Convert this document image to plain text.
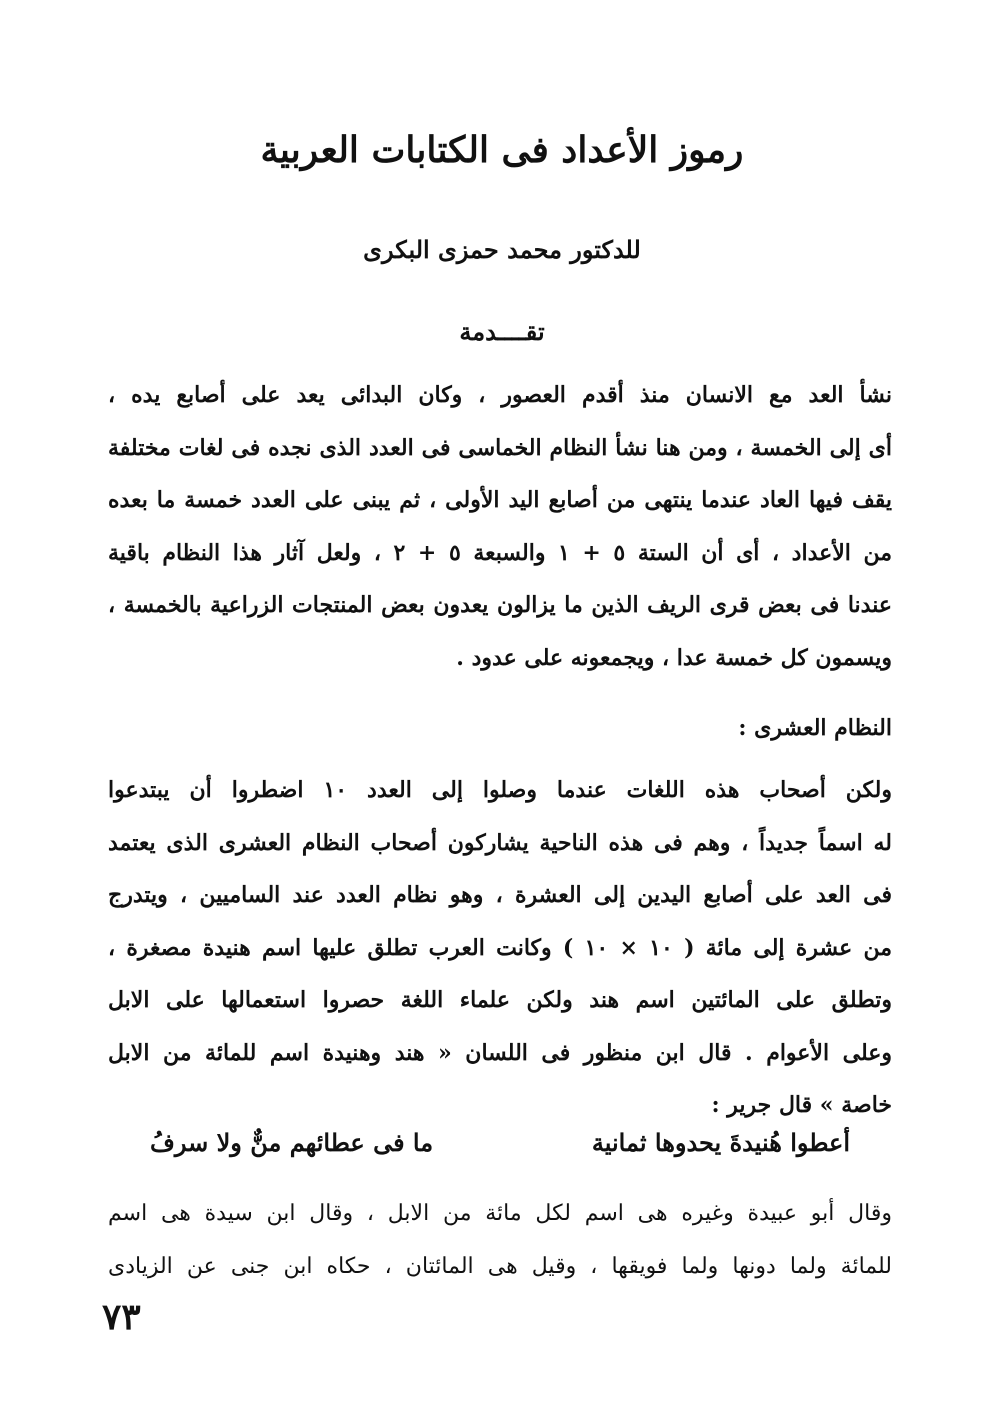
رموز الأعداد فى الكتابات العربية
للدكتور محمد حمزى البكرى
تقــــدمة
نشأ العد مع الانسان منذ أقدم العصور ، وكان البدائى يعد على أصابع يده ،
أى إلى الخمسة ، ومن هنا نشأ النظام الخماسى فى العدد الذى نجده فى لغات مختلفة
يقف فيها العاد عندما ينتهى من أصابع اليد الأولى ، ثم يبنى على العدد خمسة ما بعده
من الأعداد ، أى أن الستة ٥ + ١ والسبعة ٥ + ٢ ، ولعل آثار هذا النظام باقية
عندنا فى بعض قرى الريف الذين ما يزالون يعدون بعض المنتجات الزراعية بالخمسة ،
ويسمون كل خمسة عدا ، ويجمعونه على عدود .
النظام العشرى :
ولكن أصحاب هذه اللغات عندما وصلوا إلى العدد ١٠ اضطروا أن يبتدعوا
له اسماً جديداً ، وهم فى هذه الناحية يشاركون أصحاب النظام العشرى الذى يعتمد
فى العد على أصابع اليدين إلى العشرة ، وهو نظام العدد عند الساميين ، ويتدرج
من عشرة إلى مائة ( ١٠ × ١٠ ) وكانت العرب تطلق عليها اسم هنيدة مصغرة ،
وتطلق على المائتين اسم هند ولكن علماء اللغة حصروا استعمالها على الابل
وعلى الأعوام . قال ابن منظور فى اللسان « هند وهنيدة اسم للمائة من الابل
خاصة » قال جرير :
أعطوا هُنيدةَ يحدوها ثمانية
ما فى عطائهم منٌّ ولا سرفُ
وقال أبو عبيدة وغيره هى اسم لكل مائة من الابل ، وقال ابن سيدة هى اسم
للمائة ولما دونها ولما فويقها ، وقيل هى المائتان ، حكاه ابن جنى عن الزيادى
٧٣
